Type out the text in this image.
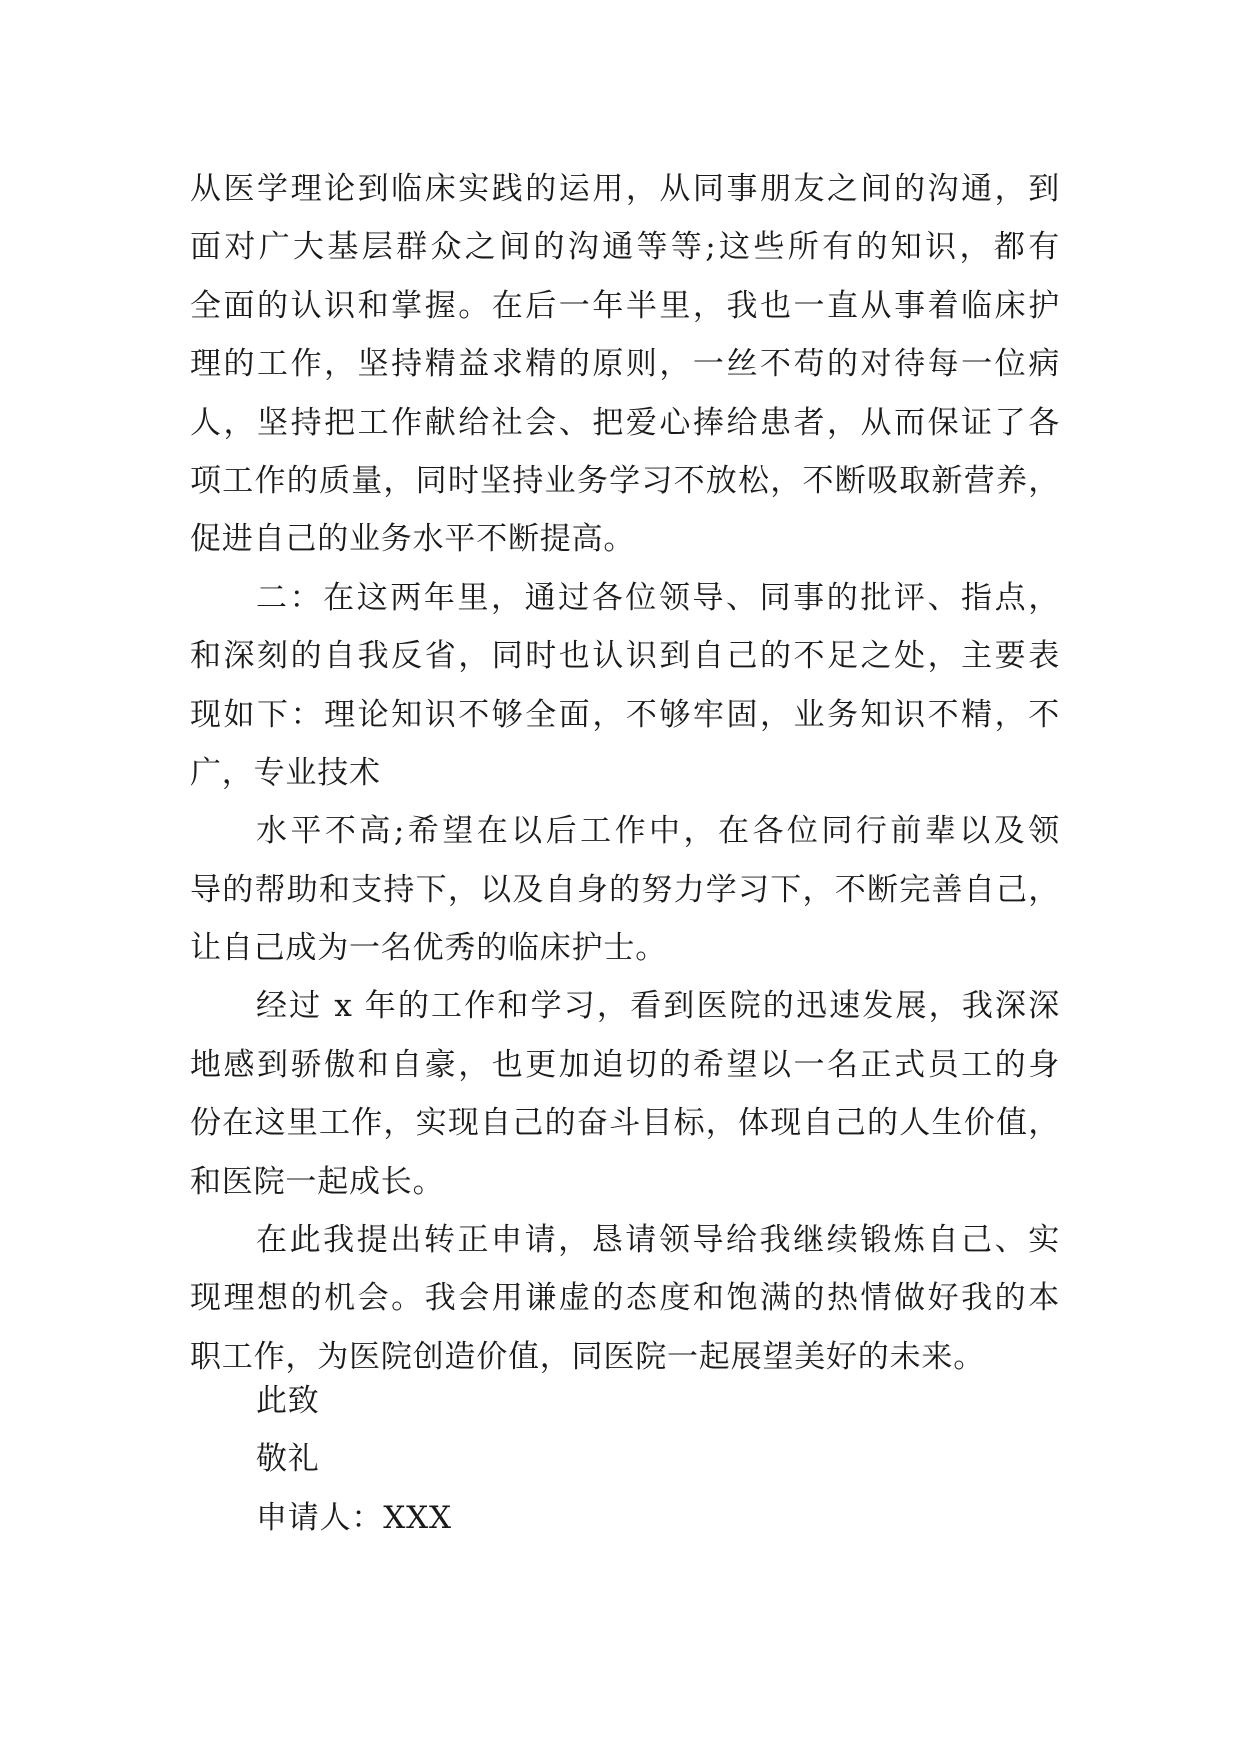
从医学理论到临床实践的运用，从同事朋友之间的沟通，到
面对广大基层群众之间的沟通等等;这些所有的知识，都有
全面的认识和掌握。在后一年半里，我也一直从事着临床护
理的工作，坚持精益求精的原则，一丝不苟的对待每一位病
人，坚持把工作献给社会、把爱心捧给患者，从而保证了各
项工作的质量，同时坚持业务学习不放松，不断吸取新营养，
促进自己的业务水平不断提高。
二：在这两年里，通过各位领导、同事的批评、指点，
和深刻的自我反省，同时也认识到自己的不足之处，主要表
现如下：理论知识不够全面，不够牢固，业务知识不精，不
广，专业技术
水平不高;希望在以后工作中，在各位同行前辈以及领
导的帮助和支持下，以及自身的努力学习下，不断完善自己，
让自己成为一名优秀的临床护士。
经过 x 年的工作和学习，看到医院的迅速发展，我深深
地感到骄傲和自豪，也更加迫切的希望以一名正式员工的身
份在这里工作，实现自己的奋斗目标，体现自己的人生价值，
和医院一起成长。
在此我提出转正申请，恳请领导给我继续锻炼自己、实
现理想的机会。我会用谦虚的态度和饱满的热情做好我的本
职工作，为医院创造价值，同医院一起展望美好的未来。
此致
敬礼
申请人：XXX
